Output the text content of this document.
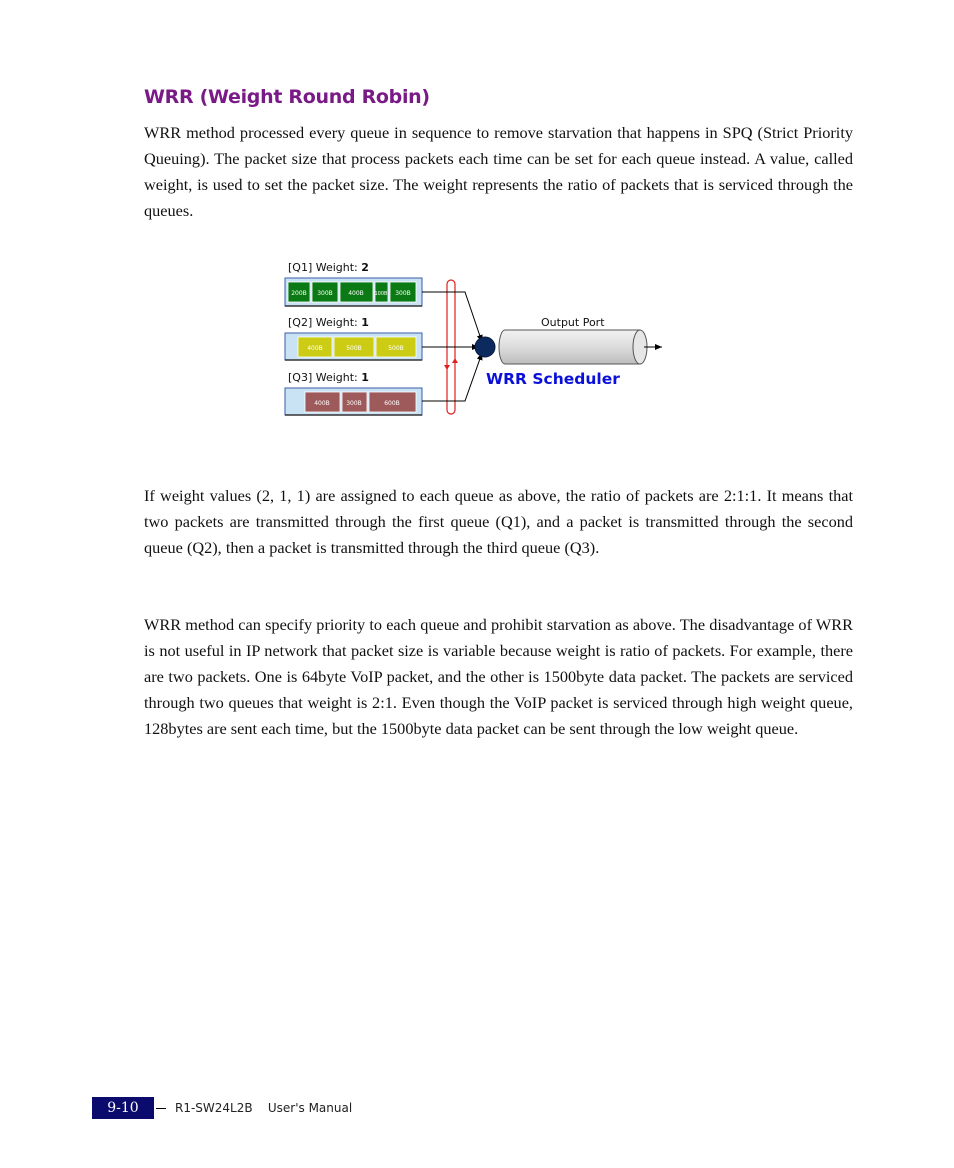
WRR (Weight Round Robin)

WRR method processed every queue in sequence to remove starvation that happens in SPQ (Strict Priority Queuing). The packet size that process packets each time can be set for each queue instead. A value, called weight, is used to set the packet size. The weight represents the ratio of packets that is serviced through the queues.

[Q1] Weight: 2
200B 300B	400B 100B 300B
[Q2] Weight: 1
400B	500B	500B
[Q3] Weight: 1
400B	300B	600B
WRR Scheduler
Output Port

If weight values (2, 1, 1) are assigned to each queue as above, the ratio of packets are 2:1:1. It means that two packets are transmitted through the first queue (Q1), and a packet is transmitted through the second queue (Q2), then a packet is transmitted through the third queue (Q3).

WRR method can specify priority to each queue and prohibit starvation as above. The disadvantage of WRR is not useful in IP network that packet size is variable because weight is ratio of packets. For example, there are two packets. One is 64byte VoIP packet, and the other is 1500byte data packet. The packets are serviced through two queues that weight is 2:1. Even though the VoIP packet is serviced through high weight queue, 128bytes are sent each time, but the 1500byte data packet can be sent through the low weight queue.

9-10	R1-SW24L2B    User's Manual
